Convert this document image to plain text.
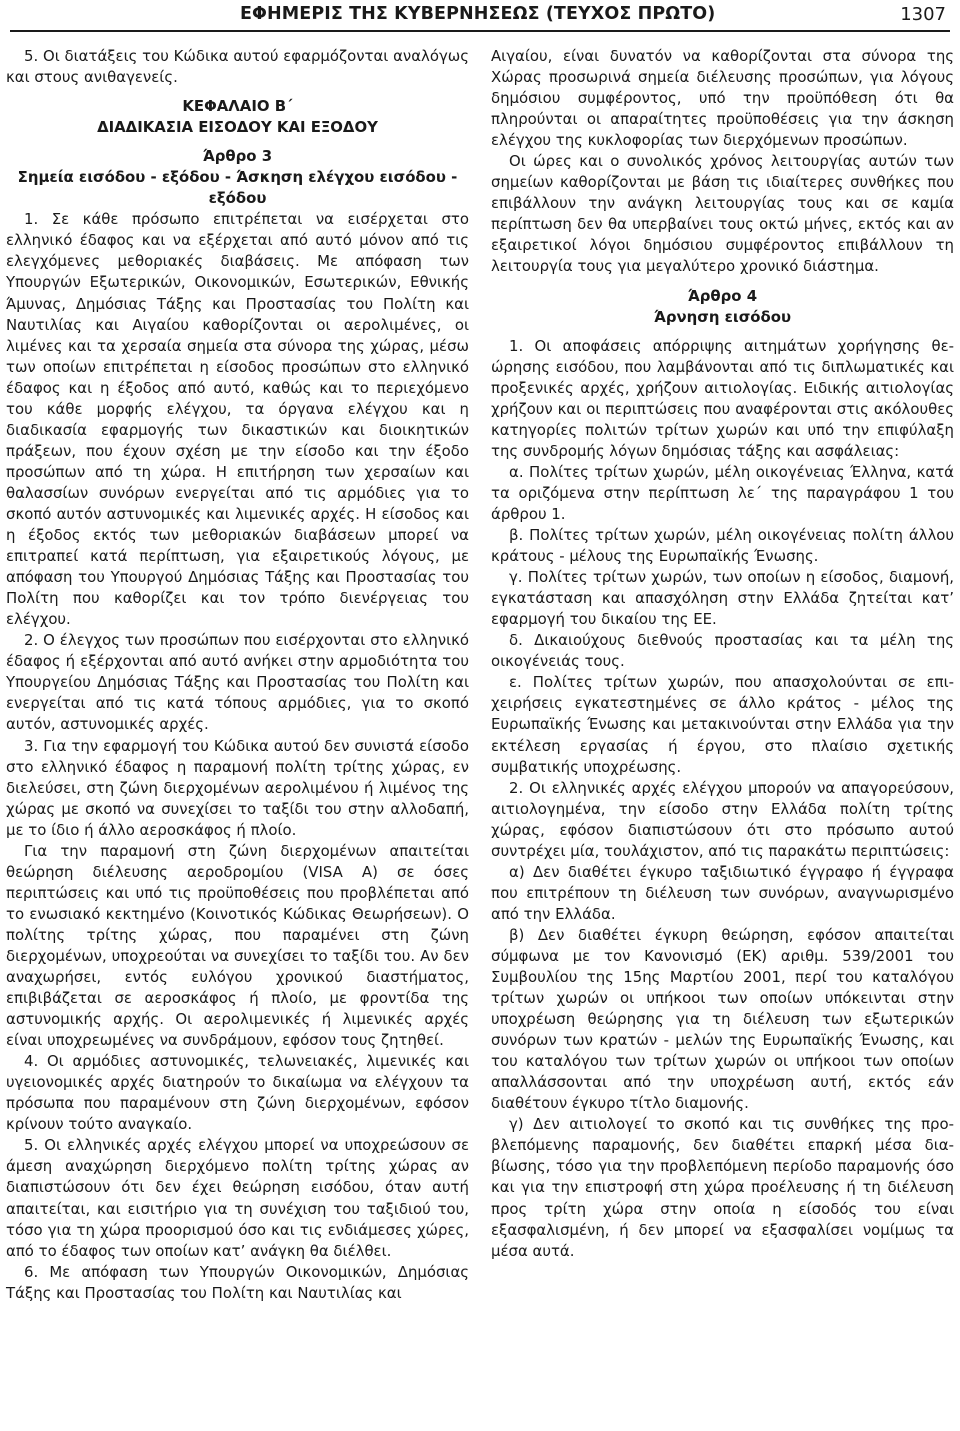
ΕΦΗΜΕΡΙΣ ΤΗΣ ΚΥΒΕΡΝΗΣΕΩΣ (ΤΕΥΧΟΣ ΠΡΩΤΟ)	1307

5. Οι διατάξεις του Κώδικα αυτού εφαρμόζονται αναλόγως και στους ανιθαγενείς.

ΚΕΦΑΛΑΙΟ Β΄

ΔΙΑΔΙΚΑΣΙΑ ΕΙΣΟΔΟΥ ΚΑΙ ΕΞΟΔΟΥ

Άρθρο 3

Σημεία εισόδου - εξόδου - Άσκηση ελέγχου εισόδου - εξόδου

1. Σε κάθε πρόσωπο επιτρέπεται να εισέρχεται στο ελληνικό έδαφος και να εξέρχεται από αυτό μόνον από τις ελεγχόμενες μεθοριακές διαβάσεις. Με απόφαση των Υπουργών Εξωτερικών, Οικονομικών, Εσωτερικών, Εθνικής Άμυνας, Δημόσιας Τάξης και Προστασίας του Πολίτη και Ναυτιλίας και Αιγαίου καθορίζονται οι αερολιμένες, οι λιμένες και τα χερσαία σημεία στα σύνορα της χώρας, μέσω των οποίων επιτρέπεται η είσοδος προσώπων στο ελληνικό έδαφος και η έξοδος από αυτό, καθώς και το περιεχόμενο του κάθε μορφής ελέγχου, τα όργανα ελέγχου και η διαδικασία εφαρμογής των δικαστικών και διοικητικών πράξεων, που έχουν σχέση με την είσοδο και την έξοδο προσώπων από τη χώρα. Η επιτήρηση των χερσαίων και θαλασσίων συνόρων ενεργείται από τις αρμόδιες για το σκοπό αυτόν αστυνομικές και λιμενικές αρχές. Η είσοδος και η έξοδος εκτός των μεθοριακών διαβάσεων μπορεί να επιτραπεί κατά περίπτωση, για εξαιρετικούς λόγους, με απόφαση του Υπουργού Δημόσιας Τάξης και Προστασίας του Πολίτη που καθορίζει και τον τρόπο διενέργειας του ελέγχου.

2. Ο έλεγχος των προσώπων που εισέρχονται στο ελληνικό έδαφος ή εξέρχονται από αυτό ανήκει στην αρμοδιότητα του Υπουργείου Δημόσιας Τάξης και Προστασίας του Πολίτη και ενεργείται από τις κατά τόπους αρμόδιες, για το σκοπό αυτόν, αστυνομικές αρχές.

3. Για την εφαρμογή του Κώδικα αυτού δεν συνιστά είσοδο στο ελληνικό έδαφος η παραμονή πολίτη τρίτης χώρας, εν διελεύσει, στη ζώνη διερχομένων αερολιμένου ή λιμένος της χώρας με σκοπό να συνεχίσει το ταξίδι του στην αλλοδαπή, με το ίδιο ή άλλο αεροσκάφος ή πλοίο.

Για την παραμονή στη ζώνη διερχομένων απαιτείται θεώρηση διέλευσης αεροδρομίου (VISA A) σε όσες περιπτώσεις και υπό τις προϋποθέσεις που προβλέπεται από το ενωσιακό κεκτημένο (Κοινοτικός Κώδικας Θεωρήσεων). Ο πολίτης τρίτης χώρας, που παραμένει στη ζώνη διερχομένων, υποχρεούται να συνεχίσει το ταξίδι του. Αν δεν αναχωρήσει, εντός ευλόγου χρονικού διαστήματος, επιβιβάζεται σε αεροσκάφος ή πλοίο, με φροντίδα της αστυνομικής αρχής. Οι αερολιμενικές ή λιμενικές αρχές είναι υποχρεωμένες να συνδράμουν, εφόσον τους ζητηθεί.

4. Οι αρμόδιες αστυνομικές, τελωνειακές, λιμενικές και υγειονομικές αρχές διατηρούν το δικαίωμα να ελέγχουν τα πρόσωπα που παραμένουν στη ζώνη διερχομένων, εφόσον κρίνουν τούτο αναγκαίο.

5. Οι ελληνικές αρχές ελέγχου μπορεί να υποχρεώσουν σε άμεση αναχώρηση διερχόμενο πολίτη τρίτης χώρας αν διαπιστώσουν ότι δεν έχει θεώρηση εισόδου, όταν αυτή απαιτείται, και εισιτήριο για τη συνέχιση του ταξιδιού του, τόσο για τη χώρα προορισμού όσο και τις ενδιάμεσες χώρες, από το έδαφος των οποίων κατ’ ανάγκη θα διέλθει.

6. Με απόφαση των Υπουργών Οικονομικών, Δημόσιας Τάξης και Προστασίας του Πολίτη και Ναυτιλίας και

Αιγαίου, είναι δυνατόν να καθορίζονται στα σύνορα της Χώρας προσωρινά σημεία διέλευσης προσώπων, για λόγους δημόσιου συμφέροντος, υπό την προϋπόθεση ότι θα πληρούνται οι απαραίτητες προϋποθέσεις για την άσκηση ελέγχου της κυκλοφορίας των διερχόμενων προσώπων.

Οι ώρες και ο συνολικός χρόνος λειτουργίας αυτών των σημείων καθορίζονται με βάση τις ιδιαίτερες συνθήκες που επιβάλλουν την ανάγκη λειτουργίας τους και σε καμία περίπτωση δεν θα υπερβαίνει τους οκτώ μήνες, εκτός και αν εξαιρετικοί λόγοι δημόσιου συμφέροντος επιβάλλουν τη λειτουργία τους για μεγαλύτερο χρονικό διάστημα.

Άρθρο 4

Άρνηση εισόδου

1. Οι αποφάσεις απόρριψης αιτημάτων χορήγησης θεώρησης εισόδου, που λαμβάνονται από τις διπλωματικές και προξενικές αρχές, χρήζουν αιτιολογίας. Ειδικής αιτιολογίας χρήζουν και οι περιπτώσεις που αναφέρονται στις ακόλουθες κατηγορίες πολιτών τρίτων χωρών και υπό την επιφύλαξη της συνδρομής λόγων δημόσιας τάξης και ασφάλειας:

α. Πολίτες τρίτων χωρών, μέλη οικογένειας Έλληνα, κατά τα οριζόμενα στην περίπτωση λε΄ της παραγράφου 1 του άρθρου 1.

β. Πολίτες τρίτων χωρών, μέλη οικογένειας πολίτη άλλου κράτους - μέλους της Ευρωπαϊκής Ένωσης.

γ. Πολίτες τρίτων χωρών, των οποίων η είσοδος, διαμονή, εγκατάσταση και απασχόληση στην Ελλάδα ζητείται κατ’ εφαρμογή του δικαίου της ΕΕ.

δ. Δικαιούχους διεθνούς προστασίας και τα μέλη της οικογένειάς τους.

ε. Πολίτες τρίτων χωρών, που απασχολούνται σε επιχειρήσεις εγκατεστημένες σε άλλο κράτος - μέλος της Ευρωπαϊκής Ένωσης και μετακινούνται στην Ελλάδα για την εκτέλεση εργασίας ή έργου, στο πλαίσιο σχετικής συμβατικής υποχρέωσης.

2. Οι ελληνικές αρχές ελέγχου μπορούν να απαγορεύσουν, αιτιολογημένα, την είσοδο στην Ελλάδα πολίτη τρίτης χώρας, εφόσον διαπιστώσουν ότι στο πρόσωπο αυτού συντρέχει μία, τουλάχιστον, από τις παρακάτω περιπτώσεις:

α) Δεν διαθέτει έγκυρο ταξιδιωτικό έγγραφο ή έγγραφα που επιτρέπουν τη διέλευση των συνόρων, αναγνωρισμένο από την Ελλάδα.

β) Δεν διαθέτει έγκυρη θεώρηση, εφόσον απαιτείται σύμφωνα με τον Κανονισμό (ΕΚ) αριθμ. 539/2001 του Συμβουλίου της 15ης Μαρτίου 2001, περί του καταλόγου τρίτων χωρών οι υπήκοοι των οποίων υπόκεινται στην υποχρέωση θεώρησης για τη διέλευση των εξωτερικών συνόρων των κρατών - μελών της Ευρωπαϊκής Ένωσης, και του καταλόγου των τρίτων χωρών οι υπήκοοι των οποίων απαλλάσσονται από την υποχρέωση αυτή, εκτός εάν διαθέτουν έγκυρο τίτλο διαμονής.

γ) Δεν αιτιολογεί το σκοπό και τις συνθήκες της προβλεπόμενης παραμονής, δεν διαθέτει επαρκή μέσα διαβίωσης, τόσο για την προβλεπόμενη περίοδο παραμονής όσο και για την επιστροφή στη χώρα προέλευσης ή τη διέλευση προς τρίτη χώρα στην οποία η είσοδός του είναι εξασφαλισμένη, ή δεν μπορεί να εξασφαλίσει νομίμως τα μέσα αυτά.
